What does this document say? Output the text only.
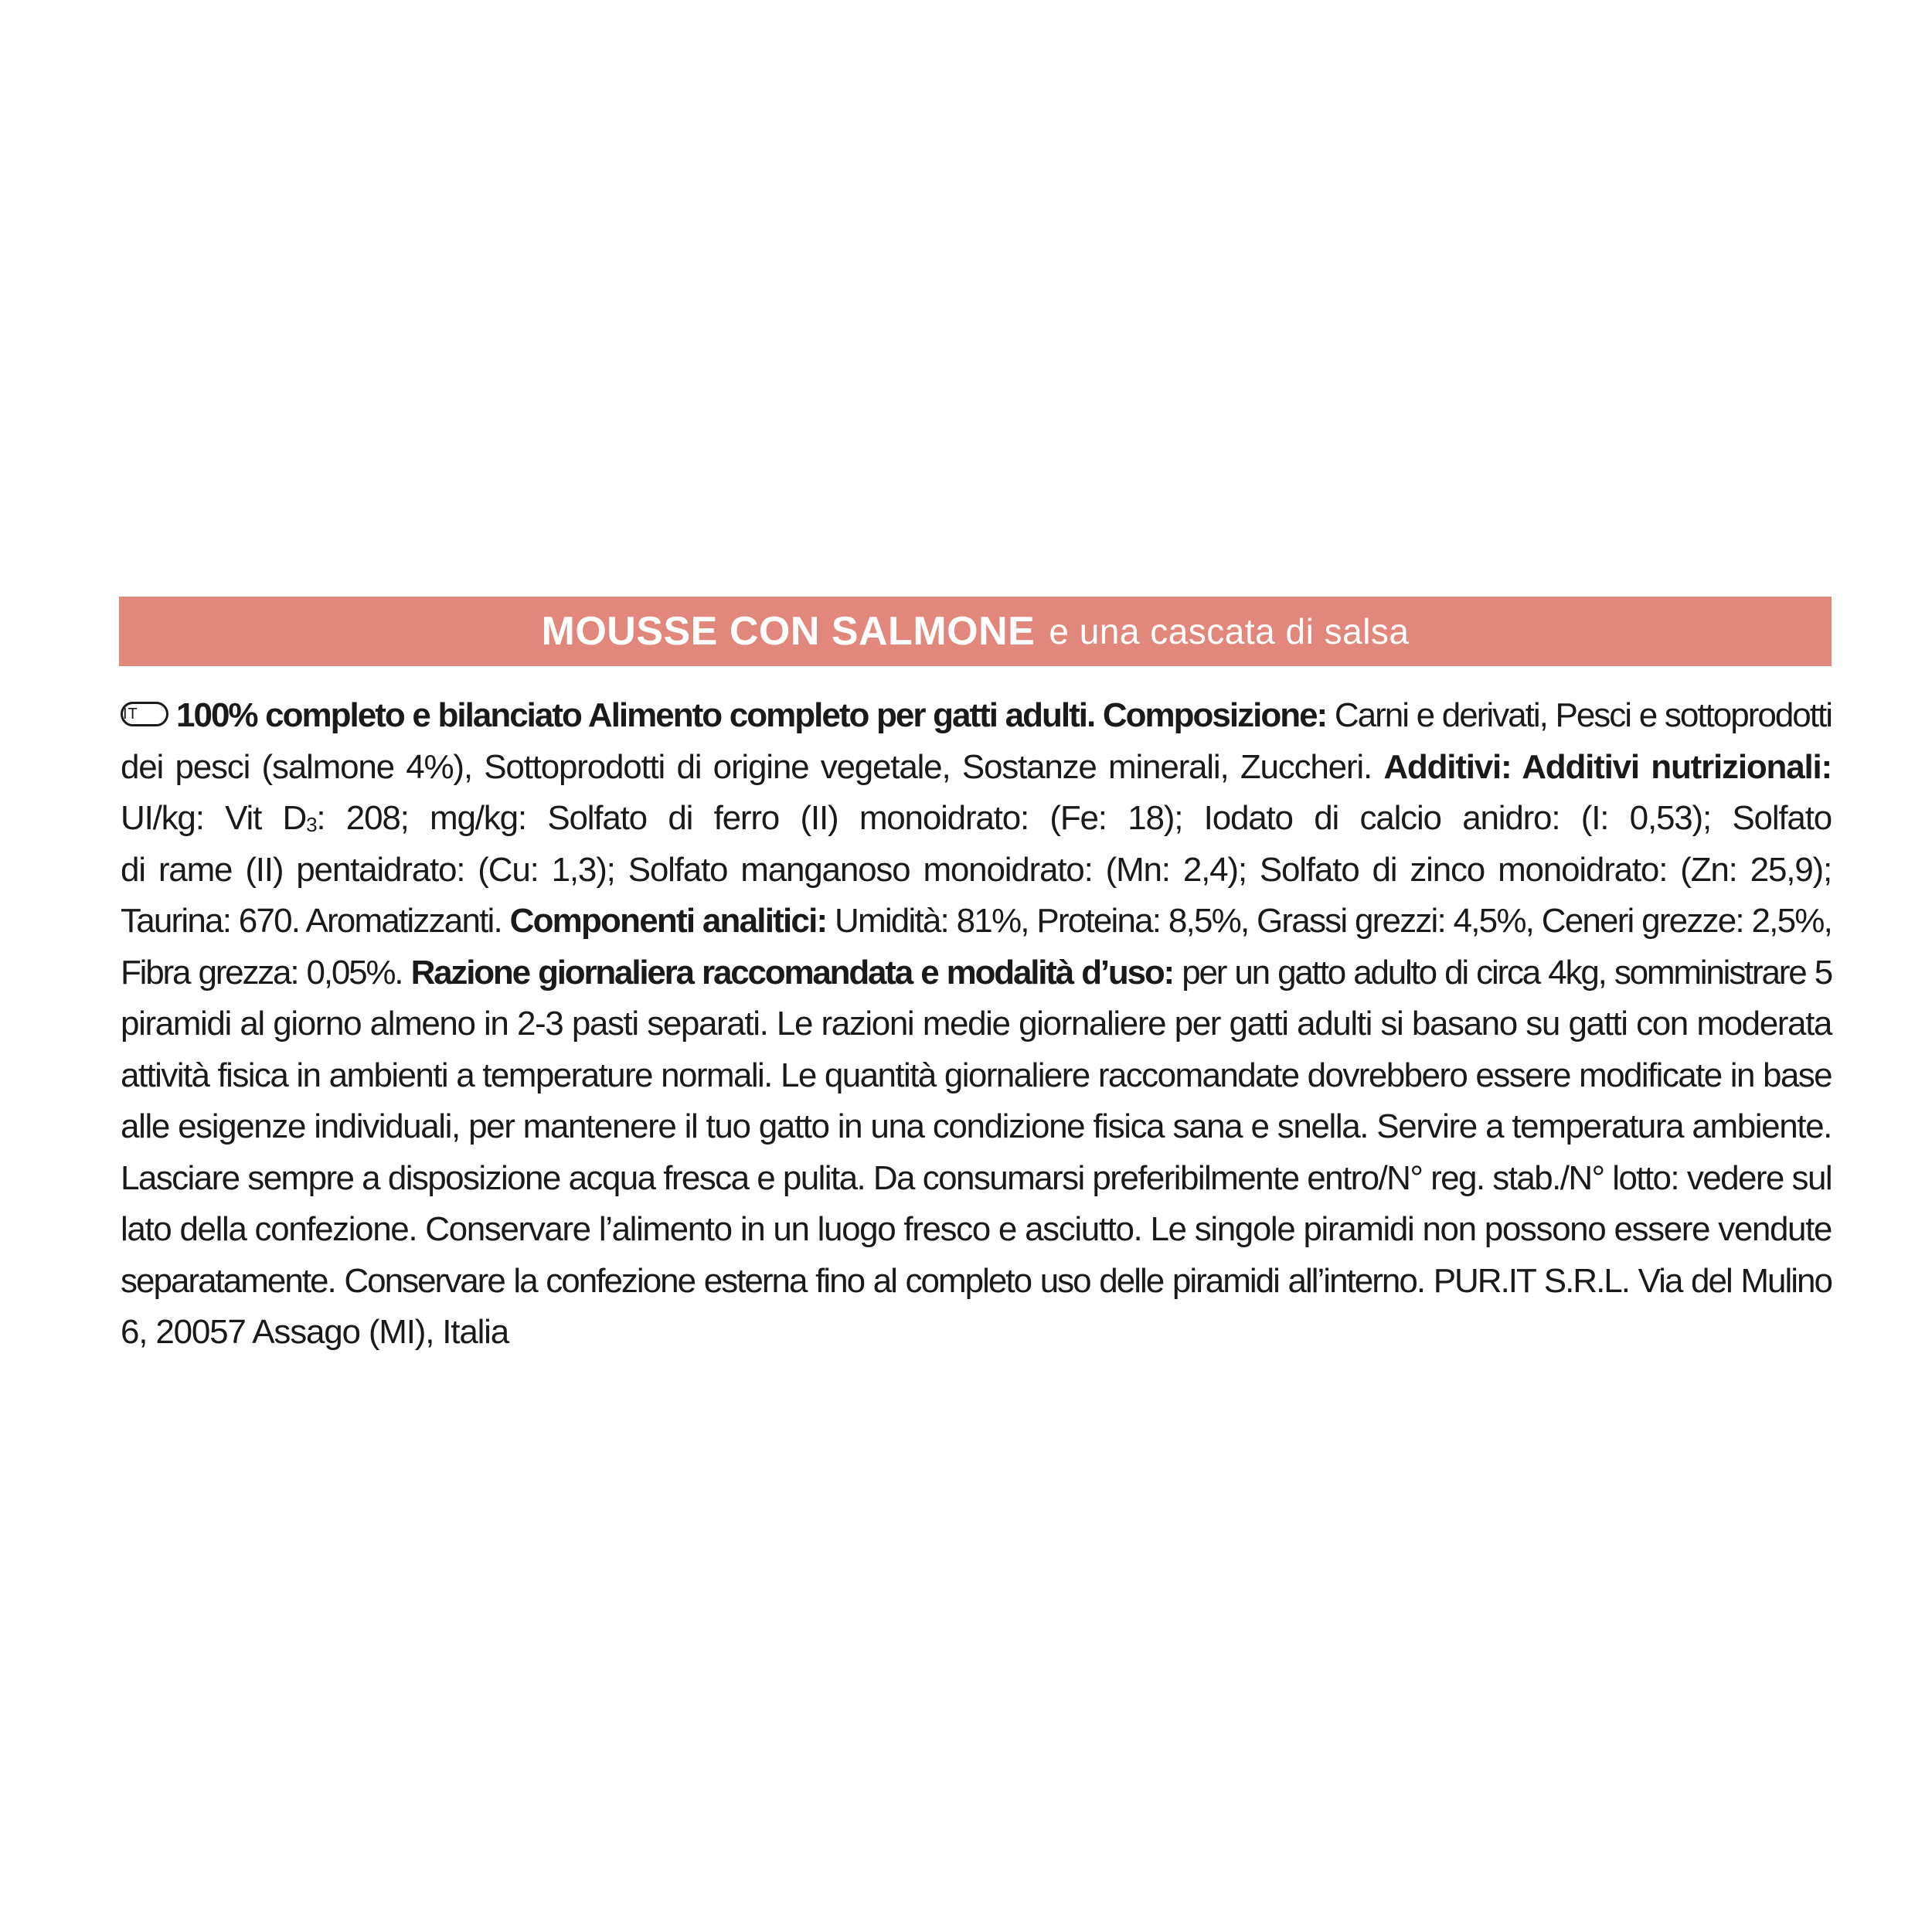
MOUSSE CON SALMONE e una cascata di salsa
IT 100% completo e bilanciato Alimento completo per gatti adulti. Composizione: Carni e derivati, Pesci e sottoprodotti
dei pesci (salmone 4%), Sottoprodotti di origine vegetale, Sostanze minerali, Zuccheri. Additivi: Additivi nutrizionali:
UI/kg: Vit $D_3$: 208; mg/kg: Solfato di ferro (II) monoidrato: (Fe: 18); Iodato di calcio anidro: (I: 0,53); Solfato
di rame (II) pentaidrato: (Cu: 1,3); Solfato manganoso monoidrato: (Mn: 2,4); Solfato di zinco monoidrato: (Zn: 25,9);
Taurina: 670. Aromatizzanti. Componenti analitici: Umidità: 81%, Proteina: 8,5%, Grassi grezzi: 4,5%, Ceneri grezze: 2,5%,
Fibra grezza: 0,05%. Razione giornaliera raccomandata e modalità d’uso: per un gatto adulto di circa 4kg, somministrare 5
piramidi al giorno almeno in 2-3 pasti separati. Le razioni medie giornaliere per gatti adulti si basano su gatti con moderata
attività fisica in ambienti a temperature normali. Le quantità giornaliere raccomandate dovrebbero essere modificate in base
alle esigenze individuali, per mantenere il tuo gatto in una condizione fisica sana e snella. Servire a temperatura ambiente.
Lasciare sempre a disposizione acqua fresca e pulita. Da consumarsi preferibilmente entro/N° reg. stab./N° lotto: vedere sul
lato della confezione. Conservare l’alimento in un luogo fresco e asciutto. Le singole piramidi non possono essere vendute
separatamente. Conservare la confezione esterna fino al completo uso delle piramidi all’interno. PUR.IT S.R.L. Via del Mulino
6, 20057 Assago (MI), Italia
